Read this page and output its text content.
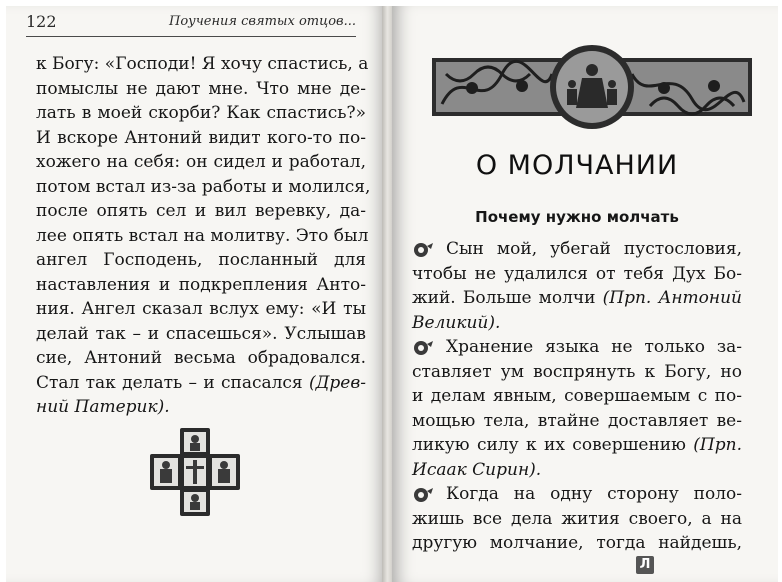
122	Поучения святых отцов...
к Богу: «Господи! Я хочу спастись, а
помыслы не дают мне. Что мне де-
лать в моей скорби? Как спастись?»
И вскоре Антоний видит кого-то по-
хожего на себя: он сидел и работал,
потом встал из-за работы и молился,
после опять сел и вил веревку, да-
лее опять встал на молитву. Это был
ангел Господень, посланный для
наставления и подкрепления Анто-
ния. Ангел сказал вслух ему: «И ты
делай так – и спасешься». Услышав
сие, Антоний весьма обрадовался.
Стал так делать – и спасался (Древ-
ний Патерик).
О МОЛЧАНИИ
Почему нужно молчать
Сын мой, убегай пустословия,
чтобы не удалился от тебя Дух Бо-
жий. Больше молчи (Прп. Антоний
Великий).
Хранение языка не только за-
ставляет ум воспрянуть к Богу, но
и делам явным, совершаемым с по-
мощью тела, втайне доставляет ве-
ликую силу к их совершению (Прп.
Исаак Сирин).
Когда на одну сторону поло-
жишь все дела жития своего, а на
другую молчание, тогда найдешь,
Л
